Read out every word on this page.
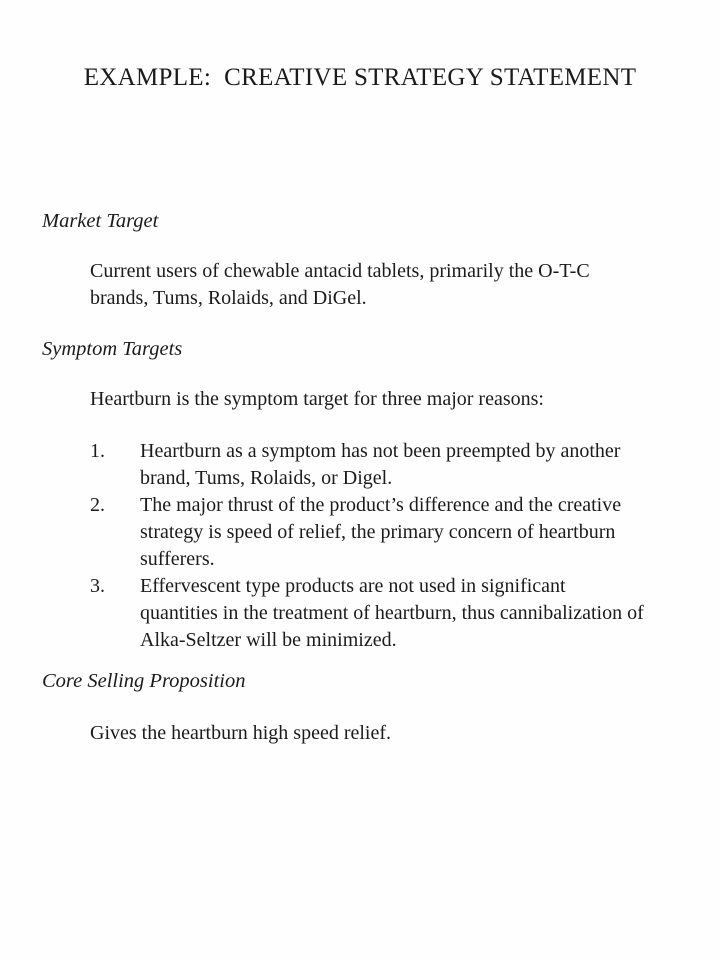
EXAMPLE:  CREATIVE STRATEGY STATEMENT
Market Target

Current users of chewable antacid tablets, primarily the O-T-C
brands, Tums, Rolaids, and DiGel.

Symptom Targets

Heartburn is the symptom target for three major reasons:

1.	Heartburn as a symptom has not been preempted by another
brand, Tums, Rolaids, or Digel.
2.	The major thrust of the product’s difference and the creative
strategy is speed of relief, the primary concern of heartburn
sufferers.
3.	Effervescent type products are not used in significant
quantities in the treatment of heartburn, thus cannibalization of
Alka-Seltzer will be minimized.
Core Selling Proposition

Gives the heartburn high speed relief.
